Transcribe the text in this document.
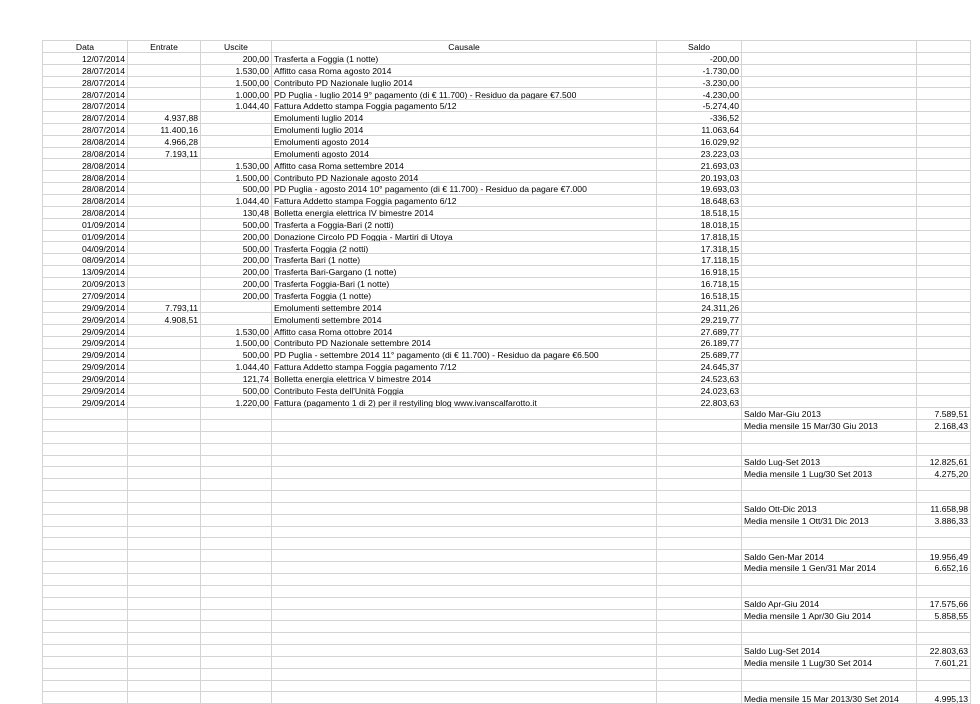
Data	Entrate	Uscite	Causale	Saldo		
12/07/2014		200,00	Trasferta a Foggia (1 notte)	-200,00		
28/07/2014		1.530,00	Affitto casa Roma agosto 2014	-1.730,00		
28/07/2014		1.500,00	Contributo PD Nazionale luglio 2014	-3.230,00		
28/07/2014		1.000,00	PD Puglia - luglio 2014 9° pagamento (di € 11.700) - Residuo da pagare €7.500	-4.230,00		
28/07/2014		1.044,40	Fattura Addetto stampa Foggia pagamento 5/12	-5.274,40		
28/07/2014	4.937,88		Emolumenti luglio 2014	-336,52		
28/07/2014	11.400,16		Emolumenti luglio 2014	11.063,64		
28/08/2014	4.966,28		Emolumenti agosto 2014	16.029,92		
28/08/2014	7.193,11		Emolumenti agosto 2014	23.223,03		
28/08/2014		1.530,00	Affitto casa Roma settembre 2014	21.693,03		
28/08/2014		1.500,00	Contributo PD Nazionale agosto 2014	20.193,03		
28/08/2014		500,00	PD Puglia - agosto 2014 10° pagamento (di € 11.700) - Residuo da pagare €7.000	19.693,03		
28/08/2014		1.044,40	Fattura Addetto stampa Foggia pagamento 6/12	18.648,63		
28/08/2014		130,48	Bolletta energia elettrica IV bimestre 2014	18.518,15		
01/09/2014		500,00	Trasferta a Foggia-Bari (2 notti)	18.018,15		
01/09/2014		200,00	Donazione Circolo PD Foggia - Martiri di Utoya	17.818,15		
04/09/2014		500,00	Trasferta Foggia (2 notti)	17.318,15		
08/09/2014		200,00	Trasferta Bari (1 notte)	17.118,15		
13/09/2014		200,00	Trasferta Bari-Gargano (1 notte)	16.918,15		
20/09/2013		200,00	Trasferta Foggia-Bari (1 notte)	16.718,15		
27/09/2014		200,00	Trasferta Foggia (1 notte)	16.518,15		
29/09/2014	7.793,11		Emolumenti settembre 2014	24.311,26		
29/09/2014	4.908,51		Emolumenti settembre 2014	29.219,77		
29/09/2014		1.530,00	Affitto casa Roma ottobre 2014	27.689,77		
29/09/2014		1.500,00	Contributo PD Nazionale settembre 2014	26.189,77		
29/09/2014		500,00	PD Puglia - settembre 2014 11° pagamento (di € 11.700) - Residuo da pagare €6.500	25.689,77		
29/09/2014		1.044,40	Fattura Addetto stampa Foggia pagamento 7/12	24.645,37		
29/09/2014		121,74	Bolletta energia elettrica V bimestre 2014	24.523,63		
29/09/2014		500,00	Contributo Festa dell'Unità Foggia	24.023,63		
29/09/2014		1.220,00	Fattura (pagamento 1 di 2) per il restyiling blog www.ivanscalfarotto.it	22.803,63		
					Saldo Mar-Giu 2013	7.589,51
					Media mensile 15 Mar/30 Giu 2013	2.168,43

					Saldo Lug-Set 2013	12.825,61
					Media mensile 1 Lug/30 Set 2013	4.275,20

					Saldo Ott-Dic 2013	11.658,98
					Media mensile 1 Ott/31 Dic 2013	3.886,33

					Saldo Gen-Mar 2014	19.956,49
					Media mensile 1 Gen/31 Mar 2014	6.652,16

					Saldo Apr-Giu 2014	17.575,66
					Media mensile 1 Apr/30 Giu 2014	5.858,55

					Saldo Lug-Set 2014	22.803,63
					Media mensile 1 Lug/30 Set 2014	7.601,21

					Media mensile 15 Mar 2013/30 Set 2014	4.995,13
